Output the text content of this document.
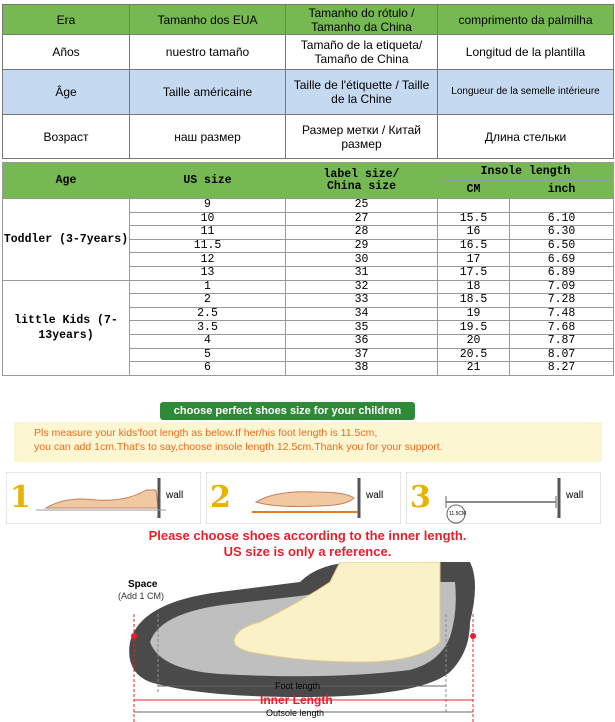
Era	Tamanho dos EUA	Tamanho do rótulo / Tamanho da China	comprimento da palmilha
Años	nuestro tamaño	Tamaño de la etiqueta/ Tamaño de China	Longitud de la plantilla
Âge	Taille américaine	Taille de l'étiquette / Taille de la Chine	Longueur de la semelle intérieure
Возраст	наш размер	Размер метки / Китай размер	Длина стельки
Age	US size	label size/ China size	Insole length	
			CM	inch
Toddler (3-7years)	9	25		
	10	27	15.5	6.10
	11	28	16	6.30
	11.5	29	16.5	6.50
	12	30	17	6.69
	13	31	17.5	6.89
little Kids (7-13years)	1	32	18	7.09
	2	33	18.5	7.28
	2.5	34	19	7.48
	3.5	35	19.5	7.68
	4	36	20	7.87
	5	37	20.5	8.07
	6	38	21	8.27
choose perfect shoes size for your children
Pls measure your kids'foot length as below.If her/his foot length is 11.5cm,
you can add 1cm.That's to say,choose insole length 12.5cm.Thank you for your support.
1	wall 2	wall 3	wall
11.5CM
Please choose shoes according to the inner length.
US size is only a reference.
Space
(Add 1 CM)
Foot length
Inner Length
Outsole length
